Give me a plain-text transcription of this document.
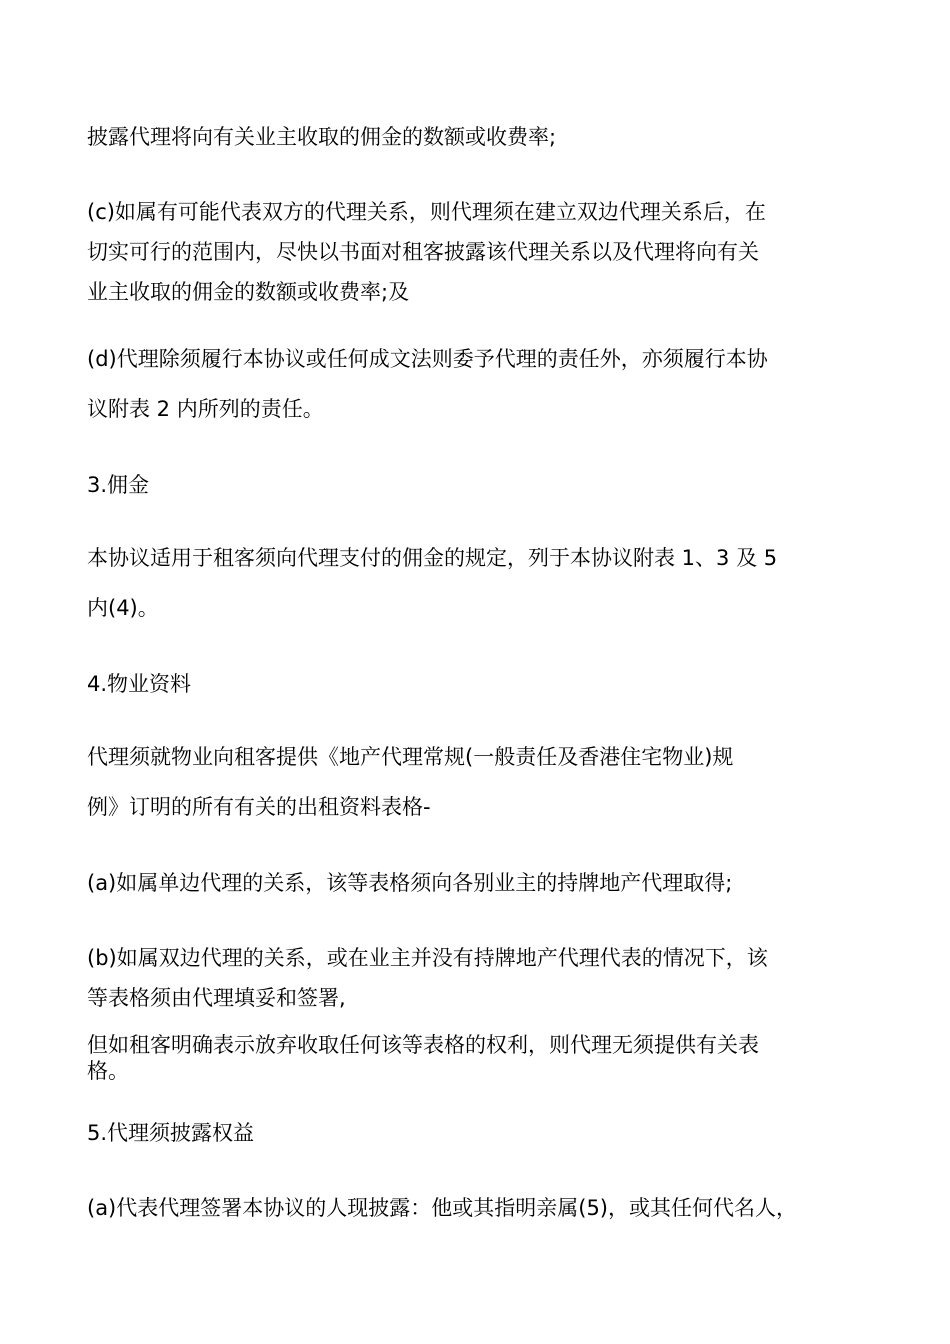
披露代理将向有关业主收取的佣金的数额或收费率;

(c)如属有可能代表双方的代理关系，则代理须在建立双边代理关系后，在
切实可行的范围内，尽快以书面对租客披露该代理关系以及代理将向有关
业主收取的佣金的数额或收费率;及

(d)代理除须履行本协议或任何成文法则委予代理的责任外，亦须履行本协
议附表 2 内所列的责任。

3.佣金

本协议适用于租客须向代理支付的佣金的规定，列于本协议附表 1、3 及 5
内(4)。

4.物业资料

代理须就物业向租客提供《地产代理常规(一般责任及香港住宅物业)规
例》订明的所有有关的出租资料表格-

(a)如属单边代理的关系，该等表格须向各别业主的持牌地产代理取得;

(b)如属双边代理的关系，或在业主并没有持牌地产代理代表的情况下，该
等表格须由代理填妥和签署,

但如租客明确表示放弃收取任何该等表格的权利，则代理无须提供有关表
格。

5.代理须披露权益

(a)代表代理签署本协议的人现披露：他或其指明亲属(5)，或其任何代名人，
